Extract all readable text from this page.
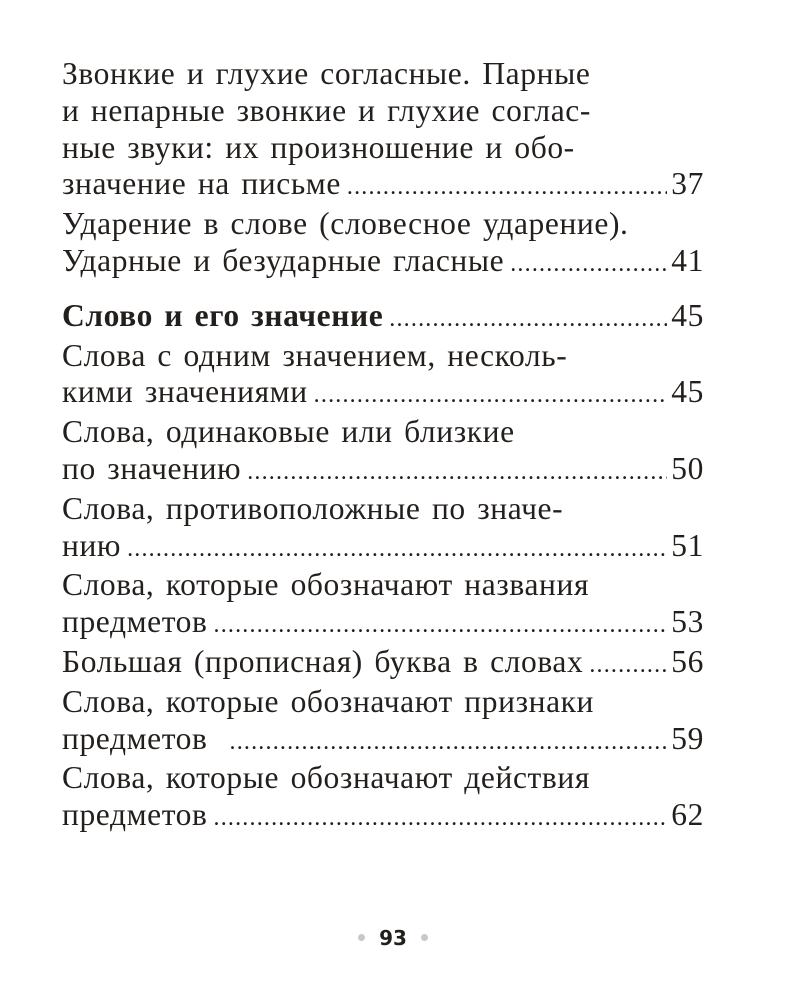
Звонкие и глухие согласные. Парные
и непарные звонкие и глухие соглас-
ные звуки: их произношение и обо-
значение на письме .....	37
Ударение в слове (словесное ударение).
Ударные и безударные гласные .....	41
Слово и его значение .....	45
Слова с одним значением, несколь-
кими значениями .....	45
Слова, одинаковые или близкие
по значению .....	50
Слова, противоположные по значе-
нию .....	51
Слова, которые обозначают названия
предметов .....	53
Большая (прописная) буква в словах .....	56
Слова, которые обозначают признаки
предметов .....	59
Слова, которые обозначают действия
предметов .....	62
93
